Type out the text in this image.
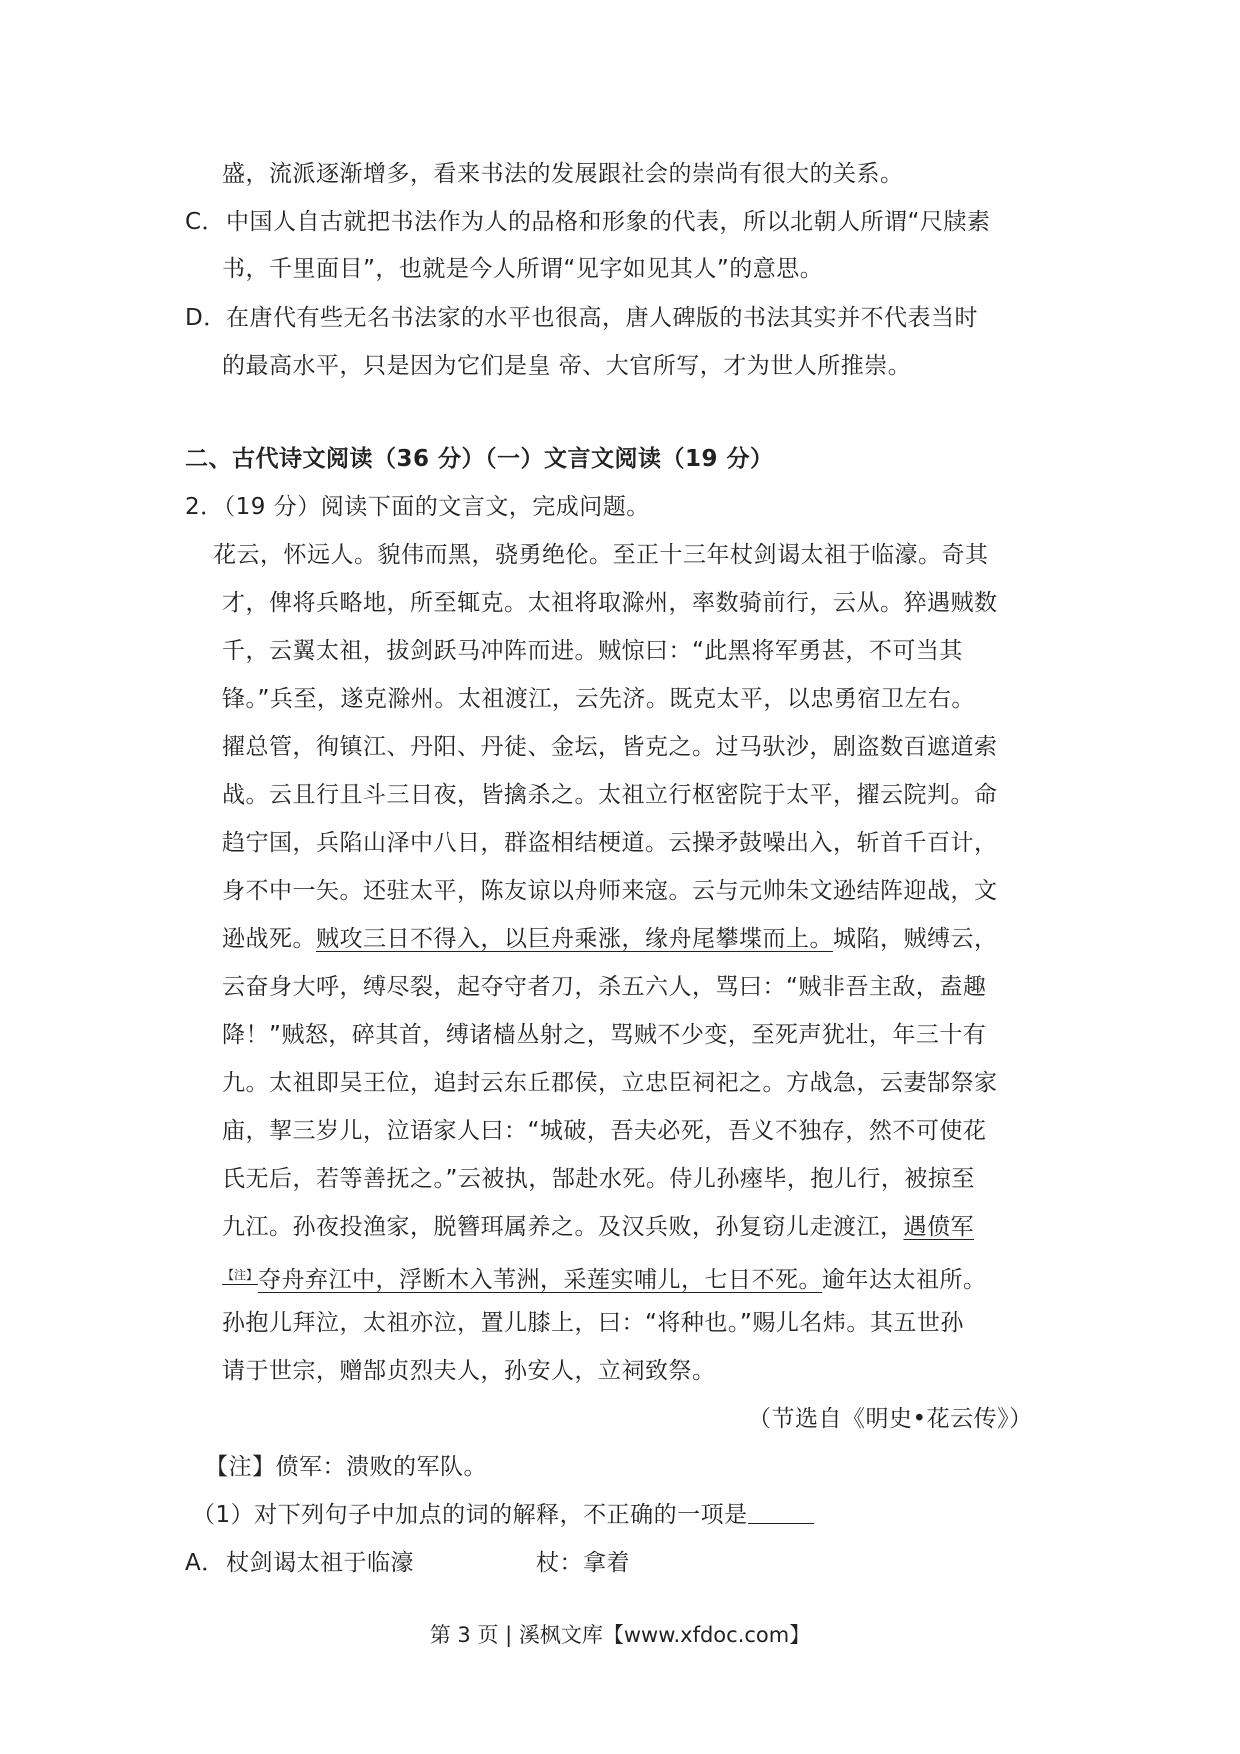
盛，流派逐渐增多，看来书法的发展跟社会的崇尚有很大的关系。
C． 中国人自古就把书法作为人的品格和形象的代表，所以北朝人所谓“尺牍素
书，千里面目”，也就是今人所谓“见字如见其人”的意思。
D． 在唐代有些无名书法家的水平也很高，唐人碑版的书法其实并不代表当时
的最高水平，只是因为它们是皇 帝、大官所写，才为世人所推崇。
二、古代诗文阅读（36 分）（一）文言文阅读（19 分）
2．（19 分）阅读下面的文言文，完成问题。
花云，怀远人。貌伟而黑，骁勇绝伦。至正十三年杖剑谒太祖于临濠。奇其
才，俾将兵略地，所至辄克。太祖将取滁州，率数骑前行，云从。猝遇贼数
千，云翼太祖，拔剑跃马冲阵而进。贼惊曰：“此黑将军勇甚，不可当其
锋。”兵至，遂克滁州。太祖渡江，云先济。既克太平，以忠勇宿卫左右。
擢总管，徇镇江、丹阳、丹徒、金坛，皆克之。过马驮沙，剧盗数百遮道索
战。云且行且斗三日夜，皆擒杀之。太祖立行枢密院于太平，擢云院判。命
趋宁国，兵陷山泽中八日，群盗相结梗道。云操矛鼓噪出入，斩首千百计，
身不中一矢。还驻太平，陈友谅以舟师来寇。云与元帅朱文逊结阵迎战，文
逊战死。贼攻三日不得入，以巨舟乘涨，缘舟尾攀堞而上。城陷，贼缚云，
云奋身大呼，缚尽裂，起夺守者刀，杀五六人，骂曰：“贼非吾主敌，盍趣
降！”贼怒，碎其首，缚诸樯丛射之，骂贼不少变，至死声犹壮，年三十有
九。太祖即吴王位，追封云东丘郡侯，立忠臣祠祀之。方战急，云妻郜祭家
庙，挈三岁儿，泣语家人曰：“城破，吾夫必死，吾义不独存，然不可使花
氏无后，若等善抚之。”云被执，郜赴水死。侍儿孙瘞毕，抱儿行，被掠至
九江。孙夜投渔家，脱簪珥属养之。及汉兵败，孙复窃儿走渡江，遇偾军
$^{【注】}$夺舟弃江中，浮断木入苇洲，采莲实哺儿，七日不死。逾年达太祖所。
孙抱儿拜泣，太祖亦泣，置儿膝上，曰：“将种也。”赐儿名炜。其五世孙
请于世宗，赠郜贞烈夫人，孙安人，立祠致祭。
（节选自《明史•花云传》）
【注】偾军：溃败的军队。
（1）对下列句子中加点的词的解释，不正确的一项是
A． 杖剑谒太祖于临濠	杖：拿着
第 3 页 | 溪枫文库【www.xfdoc.com】
